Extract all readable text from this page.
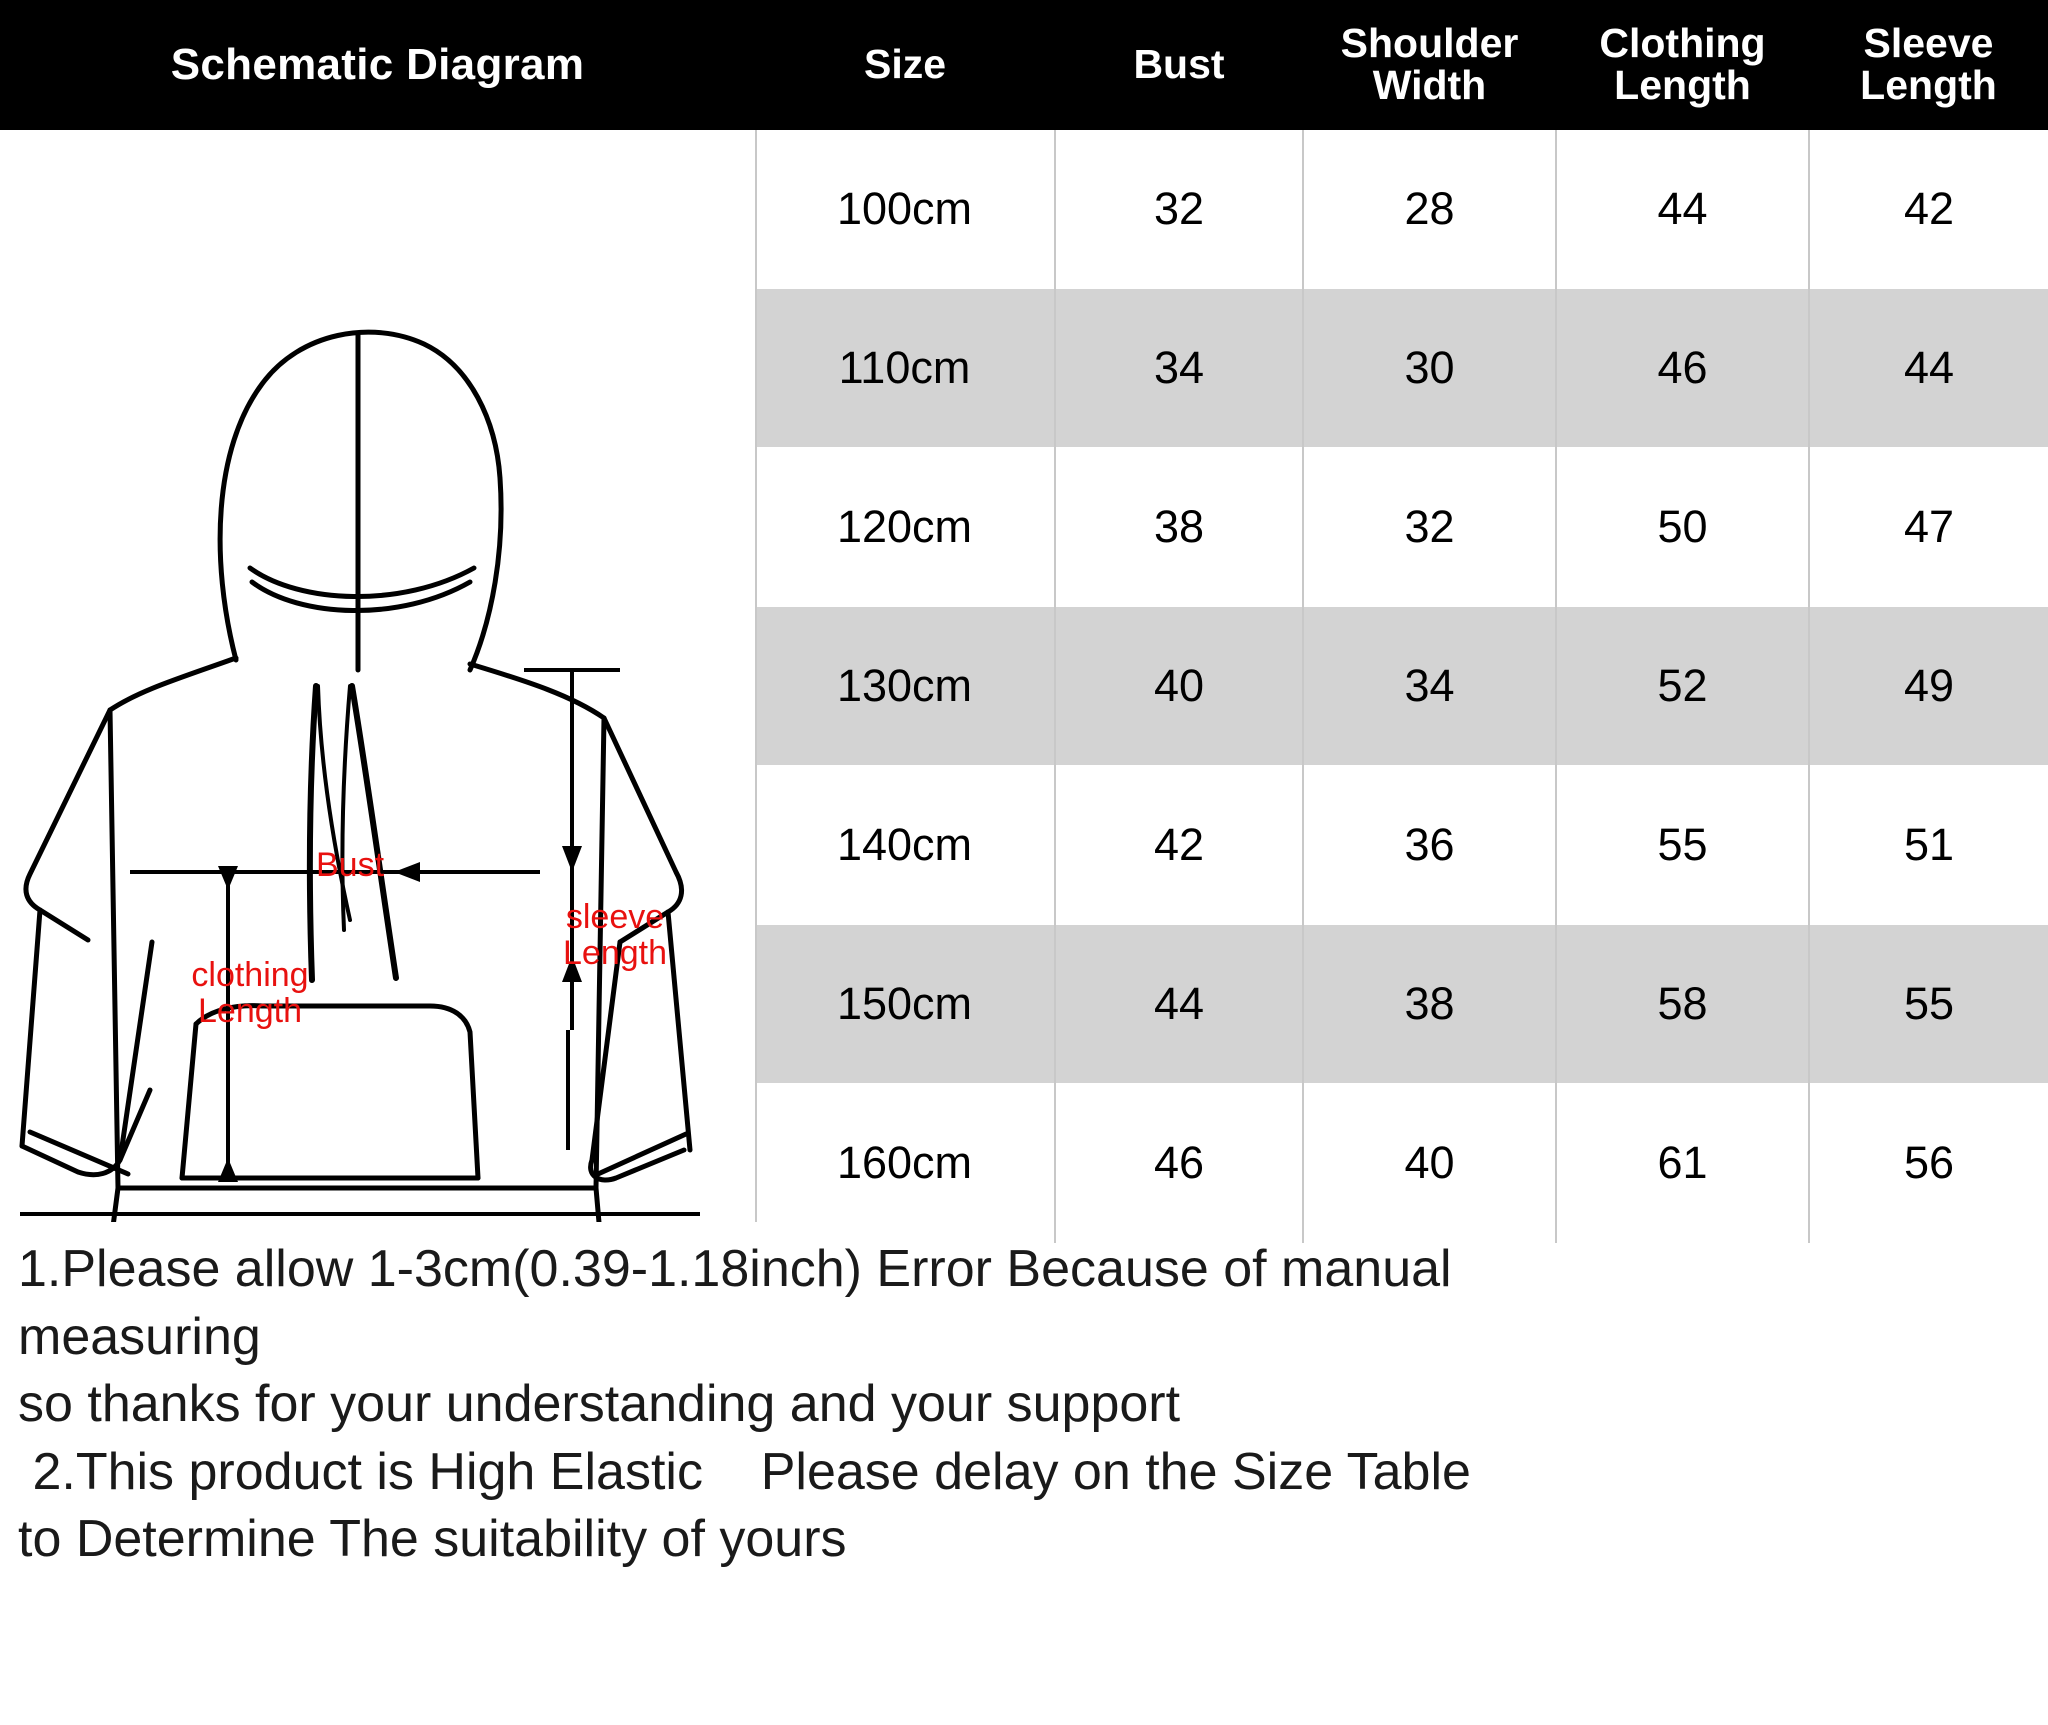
Schematic Diagram
Bust
clothing Length
sleeve Length
Size	Bust	Shoulder Width	Clothing Length	Sleeve Length
100cm	32	28	44	42
110cm	34	30	46	44
120cm	38	32	50	47
130cm	40	34	52	49
140cm	42	36	55	51
150cm	44	38	58	55
160cm	46	40	61	56

1.Please allow 1-3cm(0.39-1.18inch) Error Because of manual

measuring

so thanks for your understanding and your support

2.This product is High Elastic    Please delay on the Size Table

to Determine The suitability of yours
